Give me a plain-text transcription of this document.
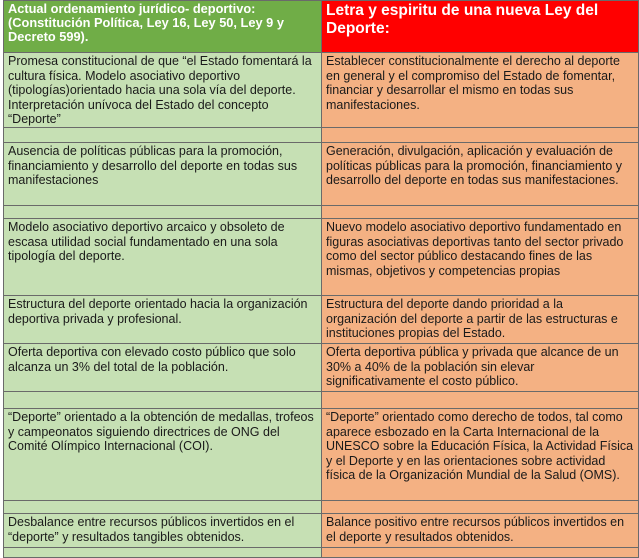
Actual ordenamiento jurídico- deportivo: (Constitución Política, Ley 16, Ley 50, Ley 9 y Decreto 599).	Letra y espiritu de una nueva Ley del Deporte:
Promesa constitucional de que “el Estado fomentará la cultura física. Modelo asociativo deportivo (tipologías)orientado hacia una sola vía del deporte. Interpretación unívoca del Estado del concepto “Deporte”	Establecer constitucionalmente el derecho al deporte en general y el compromiso del Estado de fomentar, financiar y desarrollar el mismo en todas sus manifestaciones.

Ausencia de políticas públicas para la promoción, financiamiento y desarrollo del deporte en todas sus manifestaciones	Generación, divulgación, aplicación y evaluación de políticas públicas para la promoción, financiamiento y desarrollo del deporte en todas sus manifestaciones.

Modelo asociativo deportivo arcaico y obsoleto de escasa utilidad social fundamentado en una sola tipología del deporte.	Nuevo modelo asociativo deportivo fundamentado en figuras asociativas deportivas tanto del sector privado como del sector público destacando fines de las mismas, objetivos y competencias propias
Estructura del deporte orientado hacia la organización deportiva privada y profesional.	Estructura del deporte dando prioridad a la organización del deporte a partir de las estructuras e instituciones propias del Estado.
Oferta deportiva con elevado costo público que solo alcanza un 3% del total de la población.	Oferta deportiva pública y privada que alcance de un 30% a 40% de la población sin elevar significativamente el costo público.

“Deporte” orientado a la obtención de medallas, trofeos y campeonatos siguiendo directrices de ONG del Comité Olímpico Internacional (COI).	“Deporte” orientado como derecho de todos, tal como aparece esbozado en la Carta Internacional de la UNESCO sobre la Educación Física, la Actividad Física y el Deporte y en las orientaciones sobre actividad física de la Organización Mundial de la Salud (OMS).

Desbalance entre recursos públicos invertidos en el “deporte” y resultados tangibles obtenidos.	Balance positivo entre recursos públicos invertidos en el deporte y resultados obtenidos.
